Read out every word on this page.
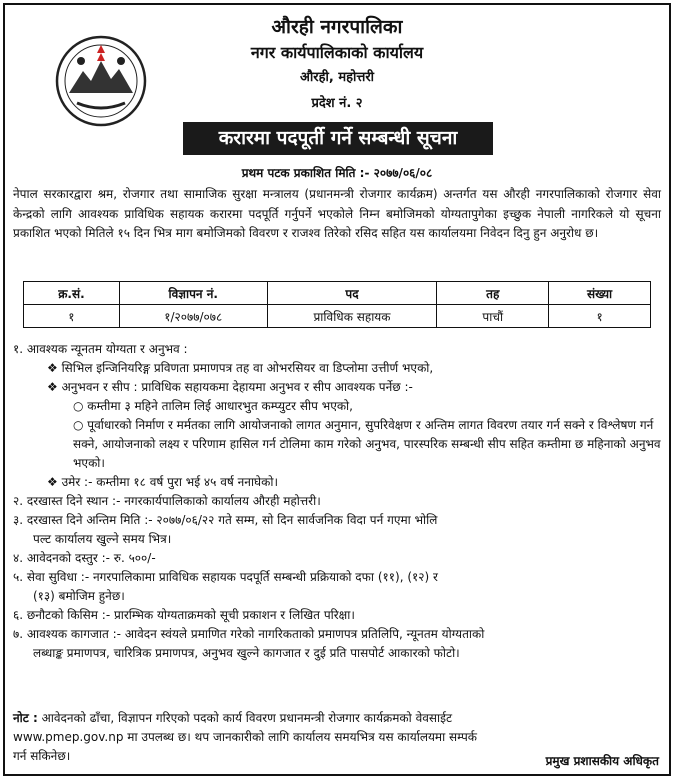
औरही नगरपालिका
नगर कार्यपालिकाको कार्यालय
औरही, महोत्तरी
प्रदेश नं. २
करारमा पदपूर्ती गर्ने सम्बन्धी सूचना
प्रथम पटक प्रकाशित मिति :- २०७७/०६/०८
नेपाल सरकारद्वारा श्रम, रोजगार तथा सामाजिक सुरक्षा मन्त्रालय (प्रधानमन्त्री रोजगार कार्यक्रम) अन्तर्गत यस औरही नगरपालिकाको रोजगार सेवा केन्द्रको लागि आवश्यक प्राविधिक सहायक करारमा पदपूर्ति गर्नुपर्ने भएकोले निम्न बमोजिमको योग्यतापुगेका इच्छुक नेपाली नागरिकले यो सूचना प्रकाशित भएको मितिले १५ दिन भित्र माग बमोजिमको विवरण र राजश्व तिरेको रसिद सहित यस कार्यालयमा निवेदन दिनु हुन अनुरोध छ।
क्र.सं.	विज्ञापन नं.	पद	तह	संख्या
१	१/२०७७/०७८	प्राविधिक सहायक	पाचौं	१
१. आवश्यक न्यूनतम योग्यता र अनुभव :
❖ सिभिल इन्जिनियरिङ्ग प्रविणता प्रमाणपत्र तह वा ओभरसियर वा डिप्लोमा उत्तीर्ण भएको,
❖ अनुभवन र सीप : प्राविधिक सहायकमा देहायमा अनुभव र सीप आवश्यक पर्नेछ :-
○ कम्तीमा ३ महिने तालिम लिई आधारभुत कम्प्युटर सीप भएको,
○ पूर्वाधारको निर्माण र मर्मतका लागि आयोजनाको लागत अनुमान, सुपरिवेक्षण र अन्तिम लागत विवरण तयार गर्न सक्ने र विश्लेषण गर्न सक्ने, आयोजनाको लक्ष्य र परिणाम हासिल गर्न टोलिमा काम गरेको अनुभव, पारस्परिक सम्बन्धी सीप सहित कम्तीमा छ महिनाको अनुभव भएको।
❖ उमेर :- कम्तीमा १८ वर्ष पुरा भई ४५ वर्ष ननाघेको।
२. दरखास्त दिने स्थान :- नगरकार्यपालिकाको कार्यालय औरही महोत्तरी।
३. दरखास्त दिने अन्तिम मिति :- २०७७/०६/२२ गते सम्म, सो दिन सार्वजनिक विदा पर्न गएमा भोलि
पल्ट कार्यालय खुल्ने समय भित्र।
४. आवेदनको दस्तुर :- रु. ५००/-
५. सेवा सुविधा :- नगरपालिकामा प्राविधिक सहायक पदपूर्ति सम्बन्धी प्रक्रियाको दफा (११), (१२) र
(१३) बमोजिम हुनेछ।
६. छनौटको किसिम :- प्रारम्भिक योग्यताक्रमको सूची प्रकाशन र लिखित परिक्षा।
७. आवश्यक कागजात :- आवेदन स्वंयले प्रमाणित गरेको नागरिकताको प्रमाणपत्र प्रतिलिपि, न्यूनतम योग्यताको
लब्धाङ्क प्रमाणपत्र, चारित्रिक प्रमाणपत्र, अनुभव खुल्ने कागजात र दुई प्रति पासपोर्ट आकारको फोटो।
नोट : आवेदनको ढाँचा, विज्ञापन गरिएको पदको कार्य विवरण प्रधानमन्त्री रोजगार कार्यक्रमको वेवसाईट
www.pmep.gov.np मा उपलब्ध छ। थप जानकारीको लागि कार्यालय समयभित्र यस कार्यालयमा सम्पर्क
गर्न सकिनेछ।	प्रमुख प्रशासकीय अधिकृत
